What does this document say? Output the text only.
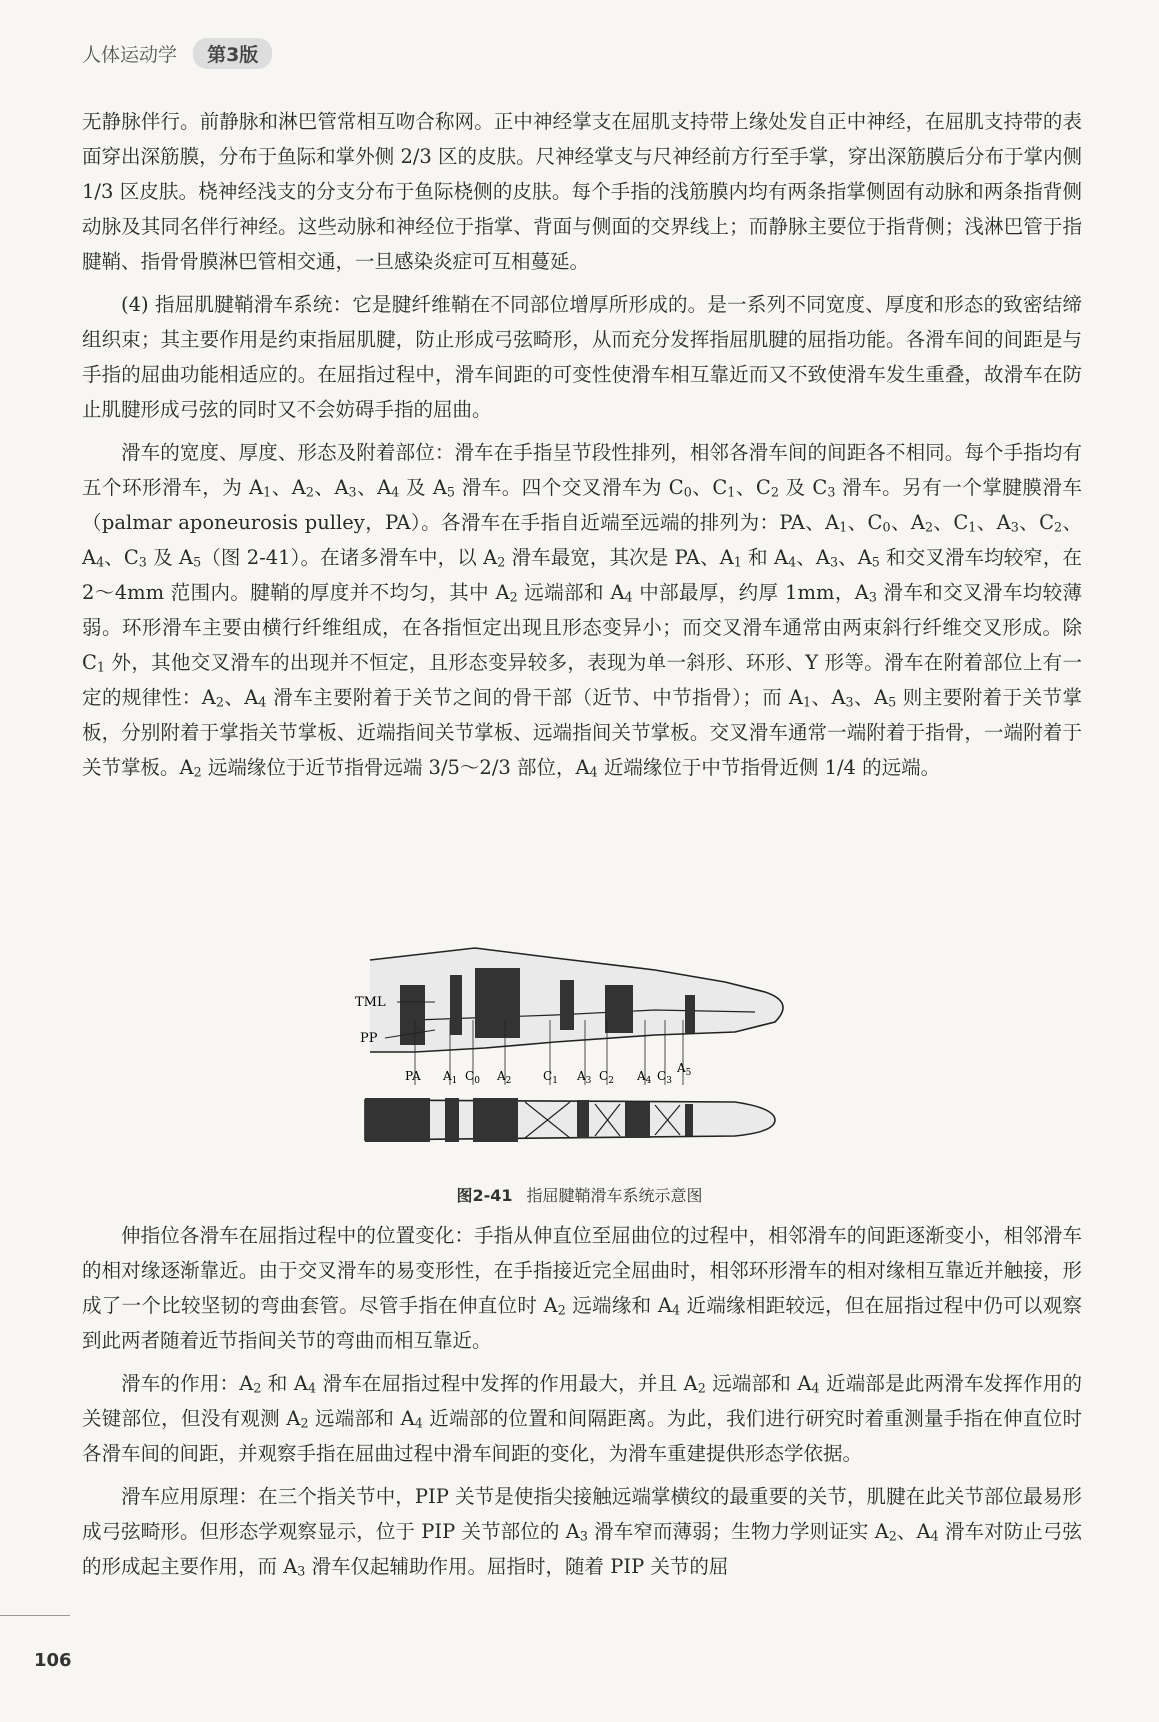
人体运动学 第3版

无静脉伴行。前静脉和淋巴管常相互吻合称网。正中神经掌支在屈肌支持带上缘处发自正中神经，在屈肌支持带的表面穿出深筋膜，分布于鱼际和掌外侧 2/3 区的皮肤。尺神经掌支与尺神经前方行至手掌，穿出深筋膜后分布于掌内侧 1/3 区皮肤。桡神经浅支的分支分布于鱼际桡侧的皮肤。每个手指的浅筋膜内均有两条指掌侧固有动脉和两条指背侧动脉及其同名伴行神经。这些动脉和神经位于指掌、背面与侧面的交界线上；而静脉主要位于指背侧；浅淋巴管于指腱鞘、指骨骨膜淋巴管相交通，一旦感染炎症可互相蔓延。

(4) 指屈肌腱鞘滑车系统：它是腱纤维鞘在不同部位增厚所形成的。是一系列不同宽度、厚度和形态的致密结缔组织束；其主要作用是约束指屈肌腱，防止形成弓弦畸形，从而充分发挥指屈肌腱的屈指功能。各滑车间的间距是与手指的屈曲功能相适应的。在屈指过程中，滑车间距的可变性使滑车相互靠近而又不致使滑车发生重叠，故滑车在防止肌腱形成弓弦的同时又不会妨碍手指的屈曲。

滑车的宽度、厚度、形态及附着部位：滑车在手指呈节段性排列，相邻各滑车间的间距各不相同。每个手指均有五个环形滑车，为 $A_1$、$A_2$、$A_3$、$A_4$ 及 $A_5$ 滑车。四个交叉滑车为 $C_0$、$C_1$、$C_2$ 及 $C_3$ 滑车。另有一个掌腱膜滑车（palmar aponeurosis pulley，PA）。各滑车在手指自近端至远端的排列为：PA、$A_1$、$C_0$、$A_2$、$C_1$、$A_3$、$C_2$、$A_4$、$C_3$ 及 $A_5$（图 2-41）。在诸多滑车中，以 $A_2$ 滑车最宽，其次是 PA、$A_1$ 和 $A_4$、$A_3$、$A_5$ 和交叉滑车均较窄，在 2～4mm 范围内。腱鞘的厚度并不均匀，其中 $A_2$ 远端部和 $A_4$ 中部最厚，约厚 1mm，$A_3$ 滑车和交叉滑车均较薄弱。环形滑车主要由横行纤维组成，在各指恒定出现且形态变异小；而交叉滑车通常由两束斜行纤维交叉形成。除 $C_1$ 外，其他交叉滑车的出现并不恒定，且形态变异较多，表现为单一斜形、环形、Y 形等。滑车在附着部位上有一定的规律性：$A_2$、$A_4$ 滑车主要附着于关节之间的骨干部（近节、中节指骨）；而 $A_1$、$A_3$、$A_5$ 则主要附着于关节掌板，分别附着于掌指关节掌板、近端指间关节掌板、远端指间关节掌板。交叉滑车通常一端附着于指骨，一端附着于关节掌板。$A_2$ 远端缘位于近节指骨远端 3/5～2/3 部位，$A_4$ 近端缘位于中节指骨近侧 1/4 的远端。

TML
PP
PA $A_1$ $C_0$ $A_2$	$C_1$ $A_3$ $C_2$ $A_4$ $C_3$
$A_5$
图2-41 指屈腱鞘滑车系统示意图

伸指位各滑车在屈指过程中的位置变化：手指从伸直位至屈曲位的过程中，相邻滑车的间距逐渐变小，相邻滑车的相对缘逐渐靠近。由于交叉滑车的易变形性，在手指接近完全屈曲时，相邻环形滑车的相对缘相互靠近并触接，形成了一个比较坚韧的弯曲套管。尽管手指在伸直位时 $A_2$ 远端缘和 $A_4$ 近端缘相距较远，但在屈指过程中仍可以观察到此两者随着近节指间关节的弯曲而相互靠近。

滑车的作用：$A_2$ 和 $A_4$ 滑车在屈指过程中发挥的作用最大，并且 $A_2$ 远端部和 $A_4$ 近端部是此两滑车发挥作用的关键部位，但没有观测 $A_2$ 远端部和 $A_4$ 近端部的位置和间隔距离。为此，我们进行研究时着重测量手指在伸直位时各滑车间的间距，并观察手指在屈曲过程中滑车间距的变化，为滑车重建提供形态学依据。

滑车应用原理：在三个指关节中，PIP 关节是使指尖接触远端掌横纹的最重要的关节，肌腱在此关节部位最易形成弓弦畸形。但形态学观察显示，位于 PIP 关节部位的 $A_3$ 滑车窄而薄弱；生物力学则证实 $A_2$、$A_4$ 滑车对防止弓弦的形成起主要作用，而 $A_3$ 滑车仅起辅助作用。屈指时，随着 PIP 关节的屈

106
